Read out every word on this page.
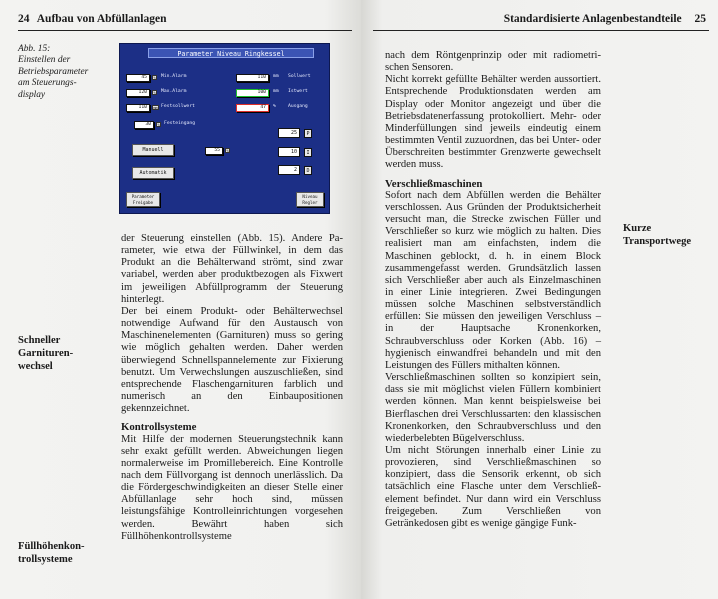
24 Aufbau von Abfüllanlagen
Abb. 15:
Einstellen der
Betriebsparameter
am Steuerungs-
display
Parameter Niveau Ringkessel
45	% Min.Alarm	110	mm Sollwert
120	% Max.Alarm	100	mm Istwert
110	mm Festsollwert	47	%	Ausgang
30	% Festeingang
25	P
10	I
2	D
Manuell	55	%
Automatik
Parameter
Freigabe
Niveau
Regler

der Steuerung einstellen (Abb. 15). Andere Parameter, wie etwa der Füllwinkel, in dem das Produkt an die Behälterwand strömt, sind zwar variabel, werden aber produktbezogen als Fixwert im jeweiligen Abfüllprogramm der Steuerung hinterlegt.

Der bei einem Produkt- oder Behälterwechsel notwendige Aufwand für den Austausch von Maschinenelementen (Garnituren) muss so gering wie möglich gehalten werden. Daher werden überwiegend Schnellspannelemente zur Fixierung benutzt. Um Verwechslungen auszuschließen, sind entsprechende Flaschengarnituren farblich und numerisch an den Einbaupositionen gekennzeichnet.

Kontrollsysteme

Mit Hilfe der modernen Steuerungstechnik kann sehr exakt gefüllt werden. Abweichungen liegen normalerweise im Promillebereich. Eine Kontrolle nach dem Füllvorgang ist dennoch unerlässlich. Da die Fördergeschwindigkeiten an dieser Stelle einer Abfüllanlage sehr hoch sind, müssen leistungsfähige Kontrolleinrichtungen vorgesehen werden. Bewährt haben sich Füllhöhenkontrollsysteme

Schneller
Garnituren-
wechsel
Füllhöhenkon-
trollsysteme
Standardisierte Anlagenbestandteile 25

nach dem Röntgenprinzip oder mit radiometrischen Sensoren.

Nicht korrekt gefüllte Behälter werden aussortiert. Entsprechende Produktionsdaten werden am Display oder Monitor angezeigt und über die Betriebsdatenerfassung protokolliert. Mehr- oder Minderfüllungen sind jeweils eindeutig einem bestimmten Ventil zuzuordnen, das bei Unter- oder Überschreiten bestimmter Grenzwerte gewechselt werden muss.

Verschließmaschinen

Sofort nach dem Abfüllen werden die Behälter verschlossen. Aus Gründen der Produktsicherheit versucht man, die Strecke zwischen Füller und Verschließer so kurz wie möglich zu halten. Dies realisiert man am einfachsten, indem die Maschinen geblockt, d. h. in einem Block zusammengefasst werden. Grundsätzlich lassen sich Verschließer aber auch als Einzelmaschinen in einer Linie integrieren. Zwei Bedingungen müssen solche Maschinen selbstverständlich erfüllen: Sie müssen den jeweiligen Verschluss – in der Hauptsache Kronenkorken, Schraubverschluss oder Korken (Abb. 16) – hygienisch einwandfrei behandeln und mit den Leistungen des Füllers mithalten können.

Verschließmaschinen sollten so konzipiert sein, dass sie mit möglichst vielen Füllern kombiniert werden können. Man kennt beispielsweise bei Bierflaschen drei Verschlussarten: den klassischen Kronenkorken, den Schraubverschluss und den wiederbelebten Bügelverschluss.

Um nicht Störungen innerhalb einer Linie zu provozieren, sind Verschließmaschinen so konzipiert, dass die Sensorik erkennt, ob sich tatsächlich eine Flasche unter dem Verschließelement befindet. Nur dann wird ein Verschluss freigegeben. Zum Verschließen von Getränkedosen gibt es wenige gängige Funk-

Kurze
Transportwege
